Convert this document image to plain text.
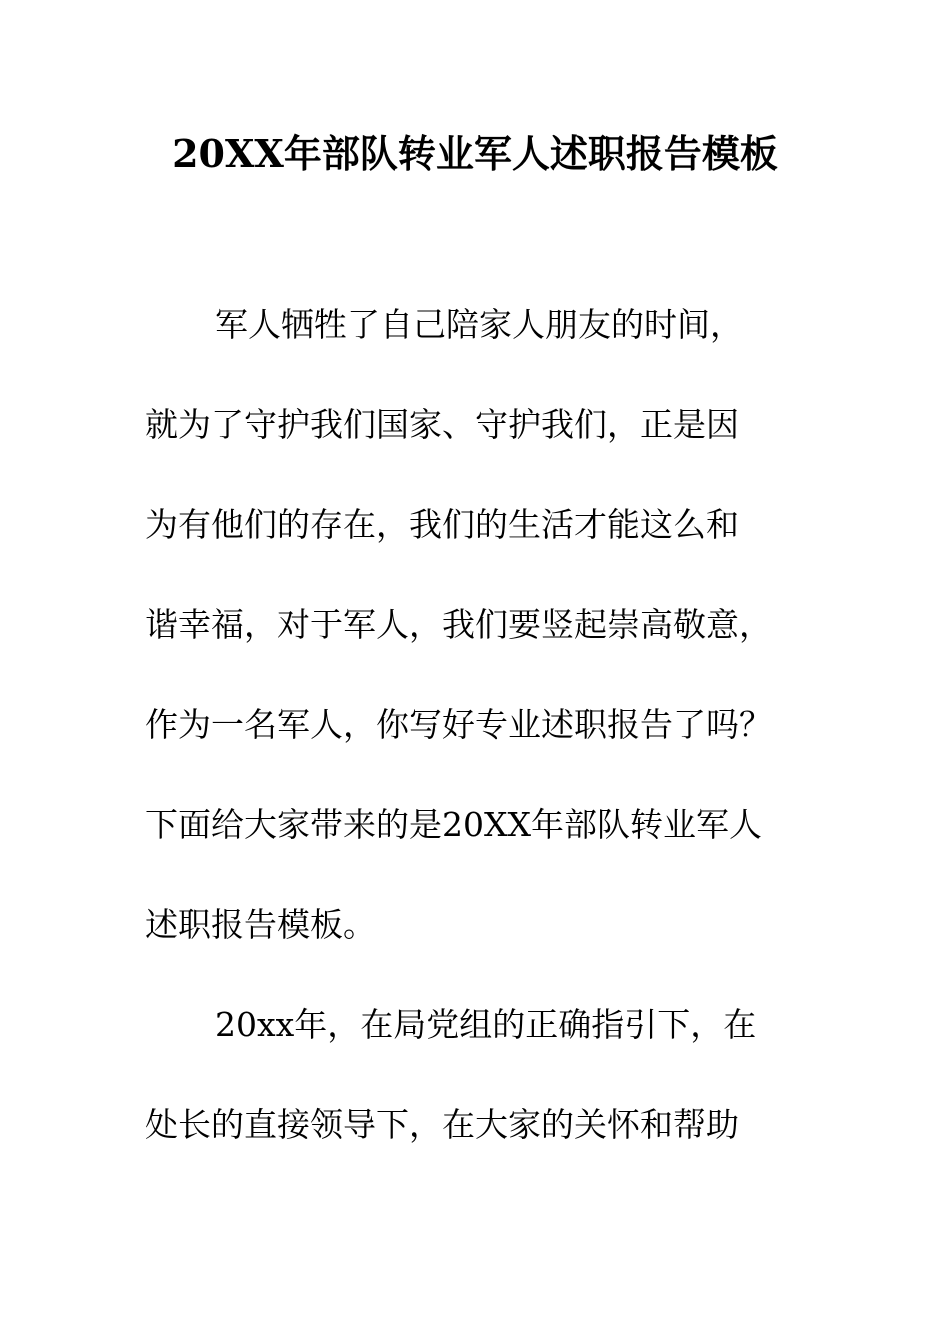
20XX年部队转业军人述职报告模板
军人牺牲了自己陪家人朋友的时间，
就为了守护我们国家、守护我们，正是因
为有他们的存在，我们的生活才能这么和
谐幸福，对于军人，我们要竖起崇高敬意，
作为一名军人，你写好专业述职报告了吗？
下面给大家带来的是20XX年部队转业军人
述职报告模板。
20xx年，在局党组的正确指引下，在
处长的直接领导下，在大家的关怀和帮助
